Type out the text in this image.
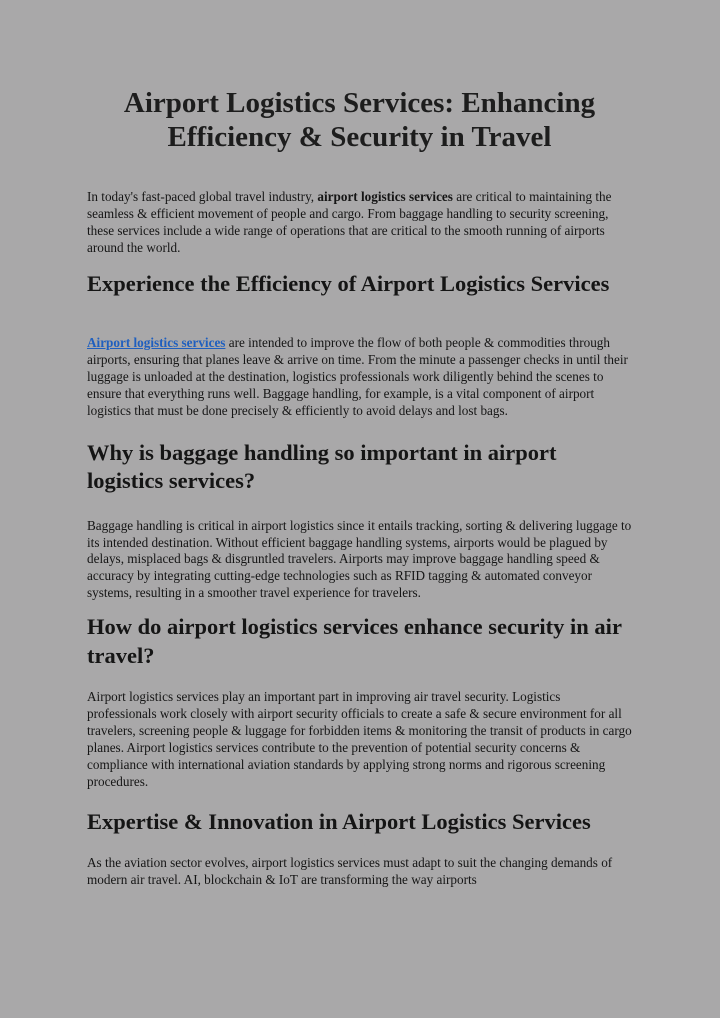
Airport Logistics Services: Enhancing Efficiency & Security in Travel

In today's fast-paced global travel industry, airport logistics services are critical to maintaining the seamless & efficient movement of people and cargo. From baggage handling to security screening, these services include a wide range of operations that are critical to the smooth running of airports around the world.

Experience the Efficiency of Airport Logistics Services

Airport logistics services are intended to improve the flow of both people & commodities through airports, ensuring that planes leave & arrive on time. From the minute a passenger checks in until their luggage is unloaded at the destination, logistics professionals work diligently behind the scenes to ensure that everything runs well. Baggage handling, for example, is a vital component of airport logistics that must be done precisely & efficiently to avoid delays and lost bags.

Why is baggage handling so important in airport logistics services?

Baggage handling is critical in airport logistics since it entails tracking, sorting & delivering luggage to its intended destination. Without efficient baggage handling systems, airports would be plagued by delays, misplaced bags & disgruntled travelers. Airports may improve baggage handling speed & accuracy by integrating cutting-edge technologies such as RFID tagging & automated conveyor systems, resulting in a smoother travel experience for travelers.

How do airport logistics services enhance security in air travel?

Airport logistics services play an important part in improving air travel security. Logistics professionals work closely with airport security officials to create a safe & secure environment for all travelers, screening people & luggage for forbidden items & monitoring the transit of products in cargo planes. Airport logistics services contribute to the prevention of potential security concerns & compliance with international aviation standards by applying strong norms and rigorous screening procedures.

Expertise & Innovation in Airport Logistics Services

As the aviation sector evolves, airport logistics services must adapt to suit the changing demands of modern air travel. AI, blockchain & IoT are transforming the way airports
